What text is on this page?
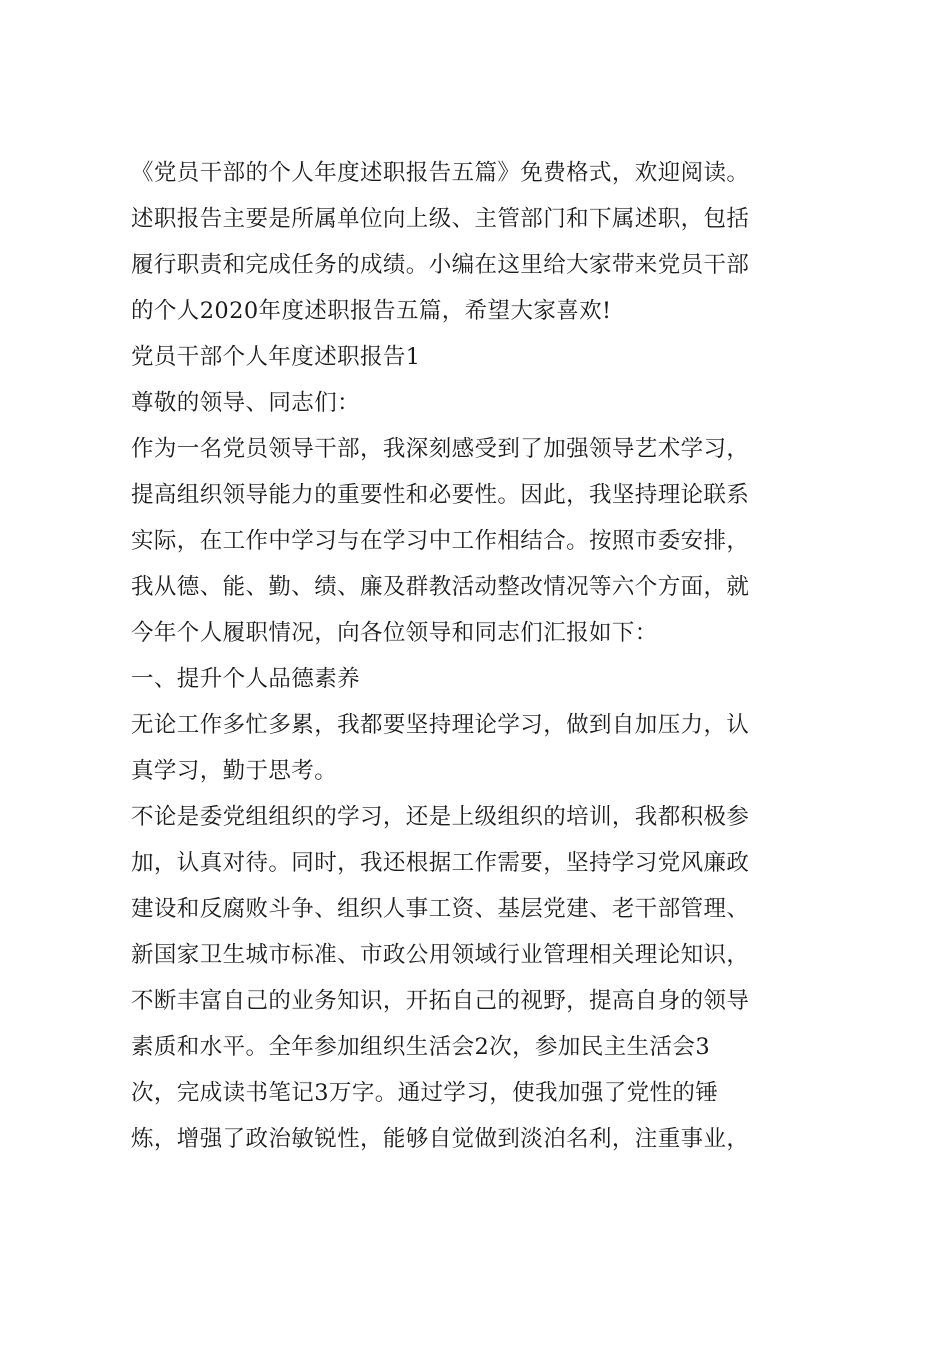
《党员干部的个人年度述职报告五篇》免费格式，欢迎阅读。
述职报告主要是所属单位向上级、主管部门和下属述职，包括
履行职责和完成任务的成绩。小编在这里给大家带来党员干部
的个人2020年度述职报告五篇，希望大家喜欢!
党员干部个人年度述职报告1
尊敬的领导、同志们：
作为一名党员领导干部，我深刻感受到了加强领导艺术学习，
提高组织领导能力的重要性和必要性。因此，我坚持理论联系
实际，在工作中学习与在学习中工作相结合。按照市委安排，
我从德、能、勤、绩、廉及群教活动整改情况等六个方面，就
今年个人履职情况，向各位领导和同志们汇报如下：
一、提升个人品德素养
无论工作多忙多累，我都要坚持理论学习，做到自加压力，认
真学习，勤于思考。
不论是委党组组织的学习，还是上级组织的培训，我都积极参
加，认真对待。同时，我还根据工作需要，坚持学习党风廉政
建设和反腐败斗争、组织人事工资、基层党建、老干部管理、
新国家卫生城市标准、市政公用领域行业管理相关理论知识，
不断丰富自己的业务知识，开拓自己的视野，提高自身的领导
素质和水平。全年参加组织生活会2次，参加民主生活会3
次，完成读书笔记3万字。通过学习，使我加强了党性的锤
炼，增强了政治敏锐性，能够自觉做到淡泊名利，注重事业，
